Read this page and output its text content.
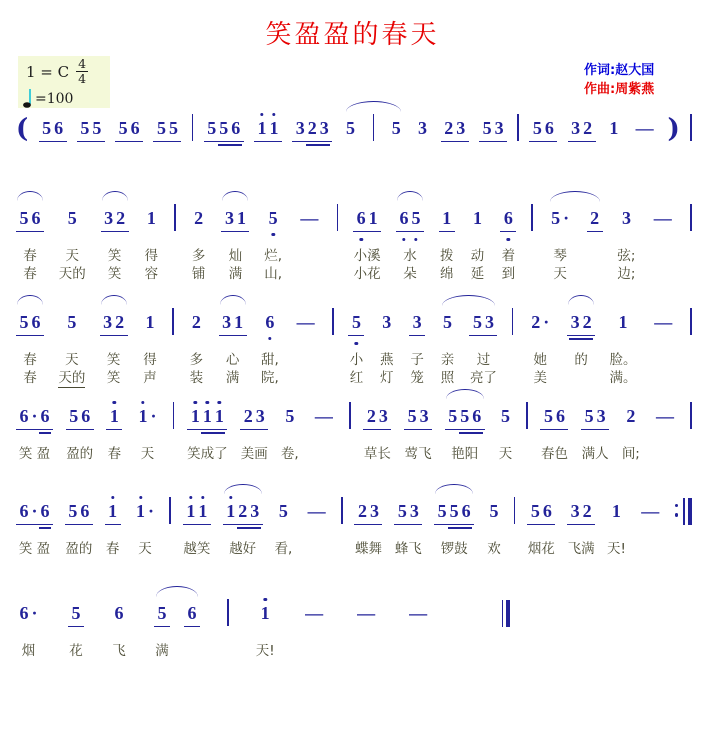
笑盈盈的春天
作词:赵大国
作曲:周紫燕
1 = C $\frac{4}{4}$
=100
( 5 6 5 5 5 6 5 5 5 5 6 1 1 3 2 3 5 5 3 2 3 5 3 5 6 3 2 1 — )
5 6
春
春
5
天
天的
3 2
笑
笑
1
得
容
2
多
铺
3 1
灿
满
5
烂,
山,
— 6 1
小溪
小花
6 5
水
朵
1
拨
绵
1
动
延
6
着
到
5 ·
琴
天
2 3
弦;
边;
—
5 6
春
春
5
天
天的
3 2
笑
笑
1
得
声
2
多
装
3 1
心
满
6
甜,
院,
— 5
小
红
3
燕
灯
3
子
笼
5
亲
照
5 3
过
亮了
2 ·
她
美
3 2
的
1
脸。
满。
—
6 · 6
笑 盈
5 6
盈的
1
春
1 ·
天
1 1 1
笑成了
2 3
美画
5
卷,
— 2 3
草长
5 3
莺飞
5 5 6
艳阳
5
天
5 6
春色
5 3
满人
2
间;
—
6 · 6
笑 盈
5 6
盈的
1
春
1 ·
天
1 1
越笑
1 2 3
越好
5
看,
— 2 3
蝶舞
5 3
蜂飞
5 5 6
锣鼓
5
欢
5 6
烟花
3 2
飞满
1
天!
—
6 ·
烟
5
花
6
飞
5
满
6	1
天!
— — —
